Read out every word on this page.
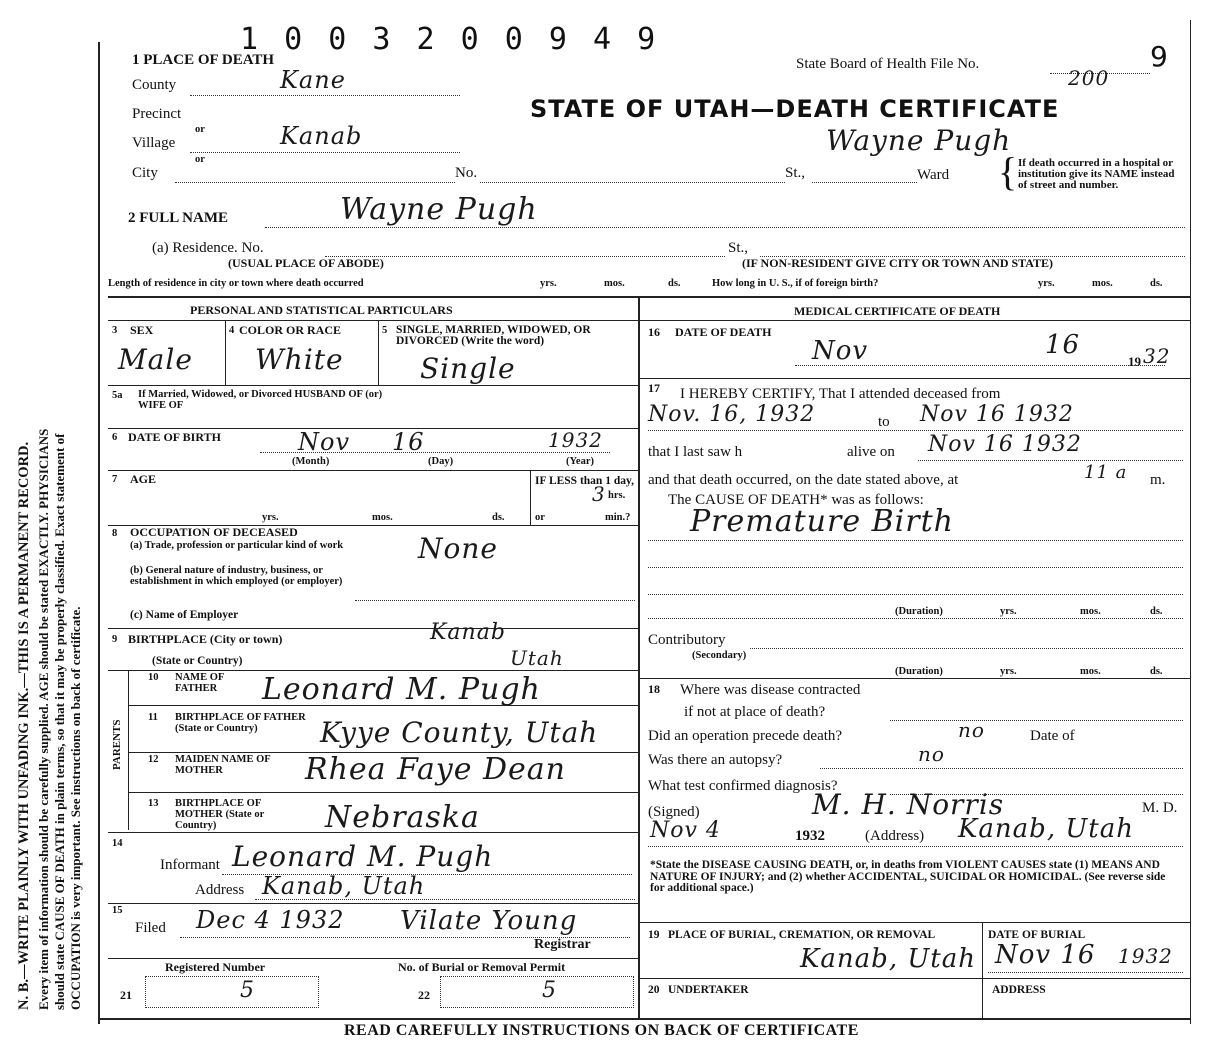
1 0 0 3 2 0 0 9 4 9
N. B.—WRITE PLAINLY WITH UNFADING INK.—THIS IS A PERMANENT RECORD. Every item of information should be carefully supplied. AGE should be stated EXACTLY. PHYSICIANS should state CAUSE OF DEATH in plain terms, so that it may be properly classified. Exact statement of OCCUPATION is very important. See instructions on back of certificate.
1 PLACE OF DEATH
County	Kane
Precinct
or
Village	Kanab
or
City	No.	St.,	Ward { If death occurred in a hospital or institution give its NAME instead of street and number.
State Board of Health File No.	9
200
STATE OF UTAH—DEATH CERTIFICATE
Wayne Pugh
2 FULL NAME	Wayne Pugh
(a) Residence. No.	St.,
(USUAL PLACE OF ABODE)	(IF NON-RESIDENT GIVE CITY OR TOWN AND STATE)
Length of residence in city or town where death occurred	yrs.	mos.	ds.	How long in U. S., if of foreign birth?	yrs.	mos.	ds.
PERSONAL AND STATISTICAL PARTICULARS
3 SEX
Male
4 COLOR OR RACE
White
5 SINGLE, MARRIED, WIDOWED, OR DIVORCED (Write the word)
Single
5a If Married, Widowed, or Divorced HUSBAND OF (or) WIFE OF
6 DATE OF BIRTH	Nov 16	1932
(Month)	(Day)	(Year)
7 AGE
yrs.	mos.	ds.
IF LESS than 1 day,
3 hrs.
or	min.?
8 OCCUPATION OF DECEASED
(a) Trade, profession or particular kind of work	None
(b) General nature of industry, business, or establishment in which employed (or employer)
(c) Name of Employer
9 BIRTHPLACE (City or town)	Kanab
(State or Country)	Utah
PARENTS
10 NAME OF FATHER	Leonard M. Pugh
11 BIRTHPLACE OF FATHER (State or Country)	Kyye County, Utah
12 MAIDEN NAME OF MOTHER	Rhea Faye Dean
13 BIRTHPLACE OF MOTHER (State or Country)	Nebraska
14
Informant Leonard M. Pugh
Address Kanab, Utah
15
Filed Dec 4 1932 Vilate Young
Registrar
Registered Number	No. of Burial or Removal Permit
21	5	22	5
MEDICAL CERTIFICATE OF DEATH
16 DATE OF DEATH
Nov	16
19 32
17 I HEREBY CERTIFY, That I attended deceased from
Nov. 16, 1932	to Nov 16 1932
that I last saw h	alive on Nov 16 1932
and that death occurred, on the date stated above, at	11 a m.
The CAUSE OF DEATH* was as follows:
Premature Birth
(Duration)	yrs.	mos.	ds.
Contributory
(Secondary)
(Duration)	yrs.	mos.	ds.
18 Where was disease contracted
if not at place of death?
Did an operation precede death?	no	Date of
Was there an autopsy?	no
What test confirmed diagnosis?
(Signed)	M. H. Norris	M. D.
Nov 4	1932	(Address) Kanab, Utah
*State the DISEASE CAUSING DEATH, or, in deaths from VIOLENT CAUSES state (1) MEANS AND NATURE OF INJURY; and (2) whether ACCIDENTAL, SUICIDAL OR HOMICIDAL. (See reverse side for additional space.)
19 PLACE OF BURIAL, CREMATION, OR REMOVAL
Kanab, Utah
DATE OF BURIAL
Nov 16 1932
20 UNDERTAKER	ADDRESS
READ CAREFULLY INSTRUCTIONS ON BACK OF CERTIFICATE
